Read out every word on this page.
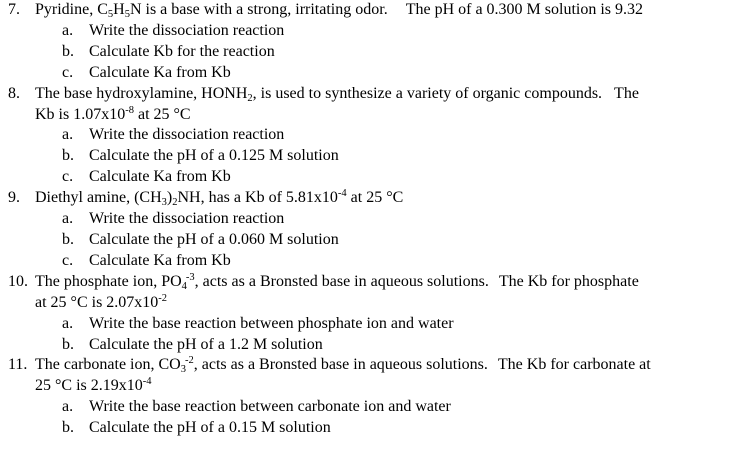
7. Pyridine, $C_5H_5N$ is a base with a strong, irritating odor. The pH of a 0.300 M solution is 9.32
a. Write the dissociation reaction
b. Calculate Kb for the reaction
c. Calculate Ka from Kb
8. The base hydroxylamine, $HONH_2$, is used to synthesize a variety of organic compounds. The
Kb is $1.07x10^{-8}$ at 25 °C
a. Write the dissociation reaction
b. Calculate the pH of a 0.125 M solution
c. Calculate Ka from Kb
9. Diethyl amine, $(CH_3)_2NH$, has a Kb of $5.81x10^{-4}$ at 25 °C
a. Write the dissociation reaction
b. Calculate the pH of a 0.060 M solution
c. Calculate Ka from Kb
10. The phosphate ion, $PO_4^{-3}$, acts as a Bronsted base in aqueous solutions. The Kb for phosphate
at 25 °C is $2.07x10^{-2}$
a. Write the base reaction between phosphate ion and water
b. Calculate the pH of a 1.2 M solution
11. The carbonate ion, $CO_3^{-2}$, acts as a Bronsted base in aqueous solutions. The Kb for carbonate at
25 °C is $2.19x10^{-4}$
a. Write the base reaction between carbonate ion and water
b. Calculate the pH of a 0.15 M solution
